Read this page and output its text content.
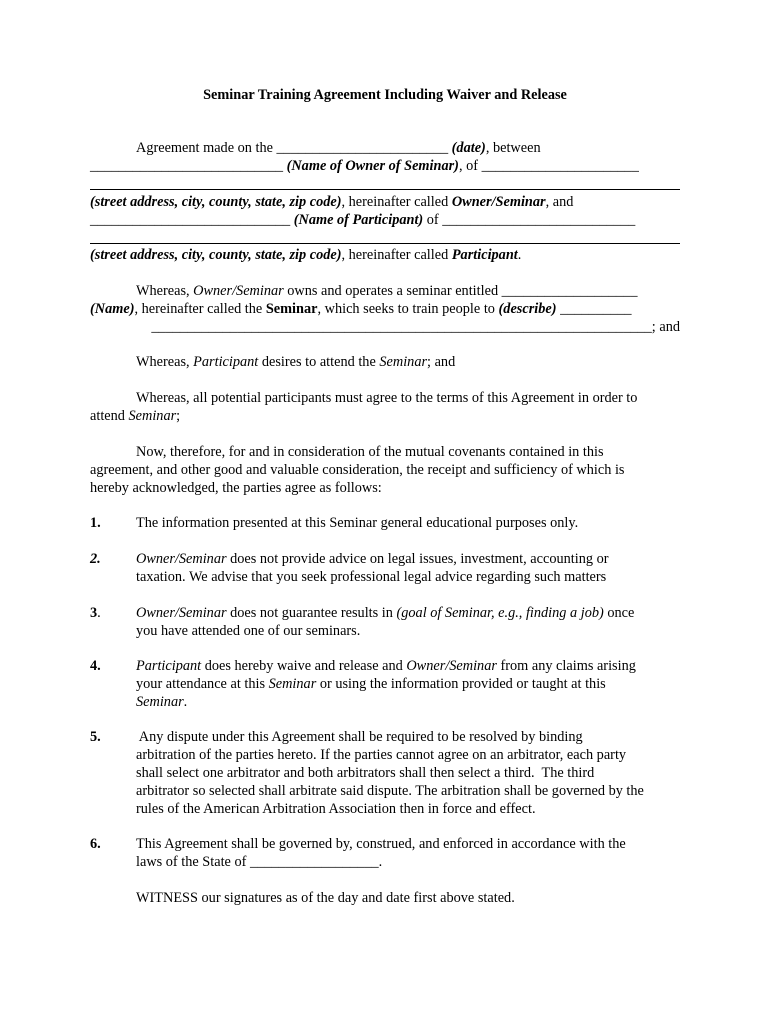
Seminar Training Agreement Including Waiver and Release
Agreement made on the ________________________ (date), between
___________________________ (Name of Owner of Seminar), of ______________________
(street address, city, county, state, zip code), hereinafter called Owner/Seminar, and
____________________________ (Name of Participant) of ___________________________
(street address, city, county, state, zip code), hereinafter called Participant.
Whereas, Owner/Seminar owns and operates a seminar entitled ___________________
(Name), hereinafter called the Seminar, which seeks to train people to (describe) __________
______________________________________________________________________; and
Whereas, Participant desires to attend the Seminar; and
Whereas, all potential participants must agree to the terms of this Agreement in order to
attend Seminar;
Now, therefore, for and in consideration of the mutual covenants contained in this
agreement, and other good and valuable consideration, the receipt and sufficiency of which is
hereby acknowledged, the parties agree as follows:
1. The information presented at this Seminar general educational purposes only.
2. Owner/Seminar does not provide advice on legal issues, investment, accounting or
taxation. We advise that you seek professional legal advice regarding such matters
3. Owner/Seminar does not guarantee results in (goal of Seminar, e.g., finding a job) once
you have attended one of our seminars.
4. Participant does hereby waive and release and Owner/Seminar from any claims arising
your attendance at this Seminar or using the information provided or taught at this
Seminar.
5. Any dispute under this Agreement shall be required to be resolved by binding
arbitration of the parties hereto. If the parties cannot agree on an arbitrator, each party
shall select one arbitrator and both arbitrators shall then select a third.  The third
arbitrator so selected shall arbitrate said dispute. The arbitration shall be governed by the
rules of the American Arbitration Association then in force and effect.
6. This Agreement shall be governed by, construed, and enforced in accordance with the
laws of the State of __________________.
WITNESS our signatures as of the day and date first above stated.
